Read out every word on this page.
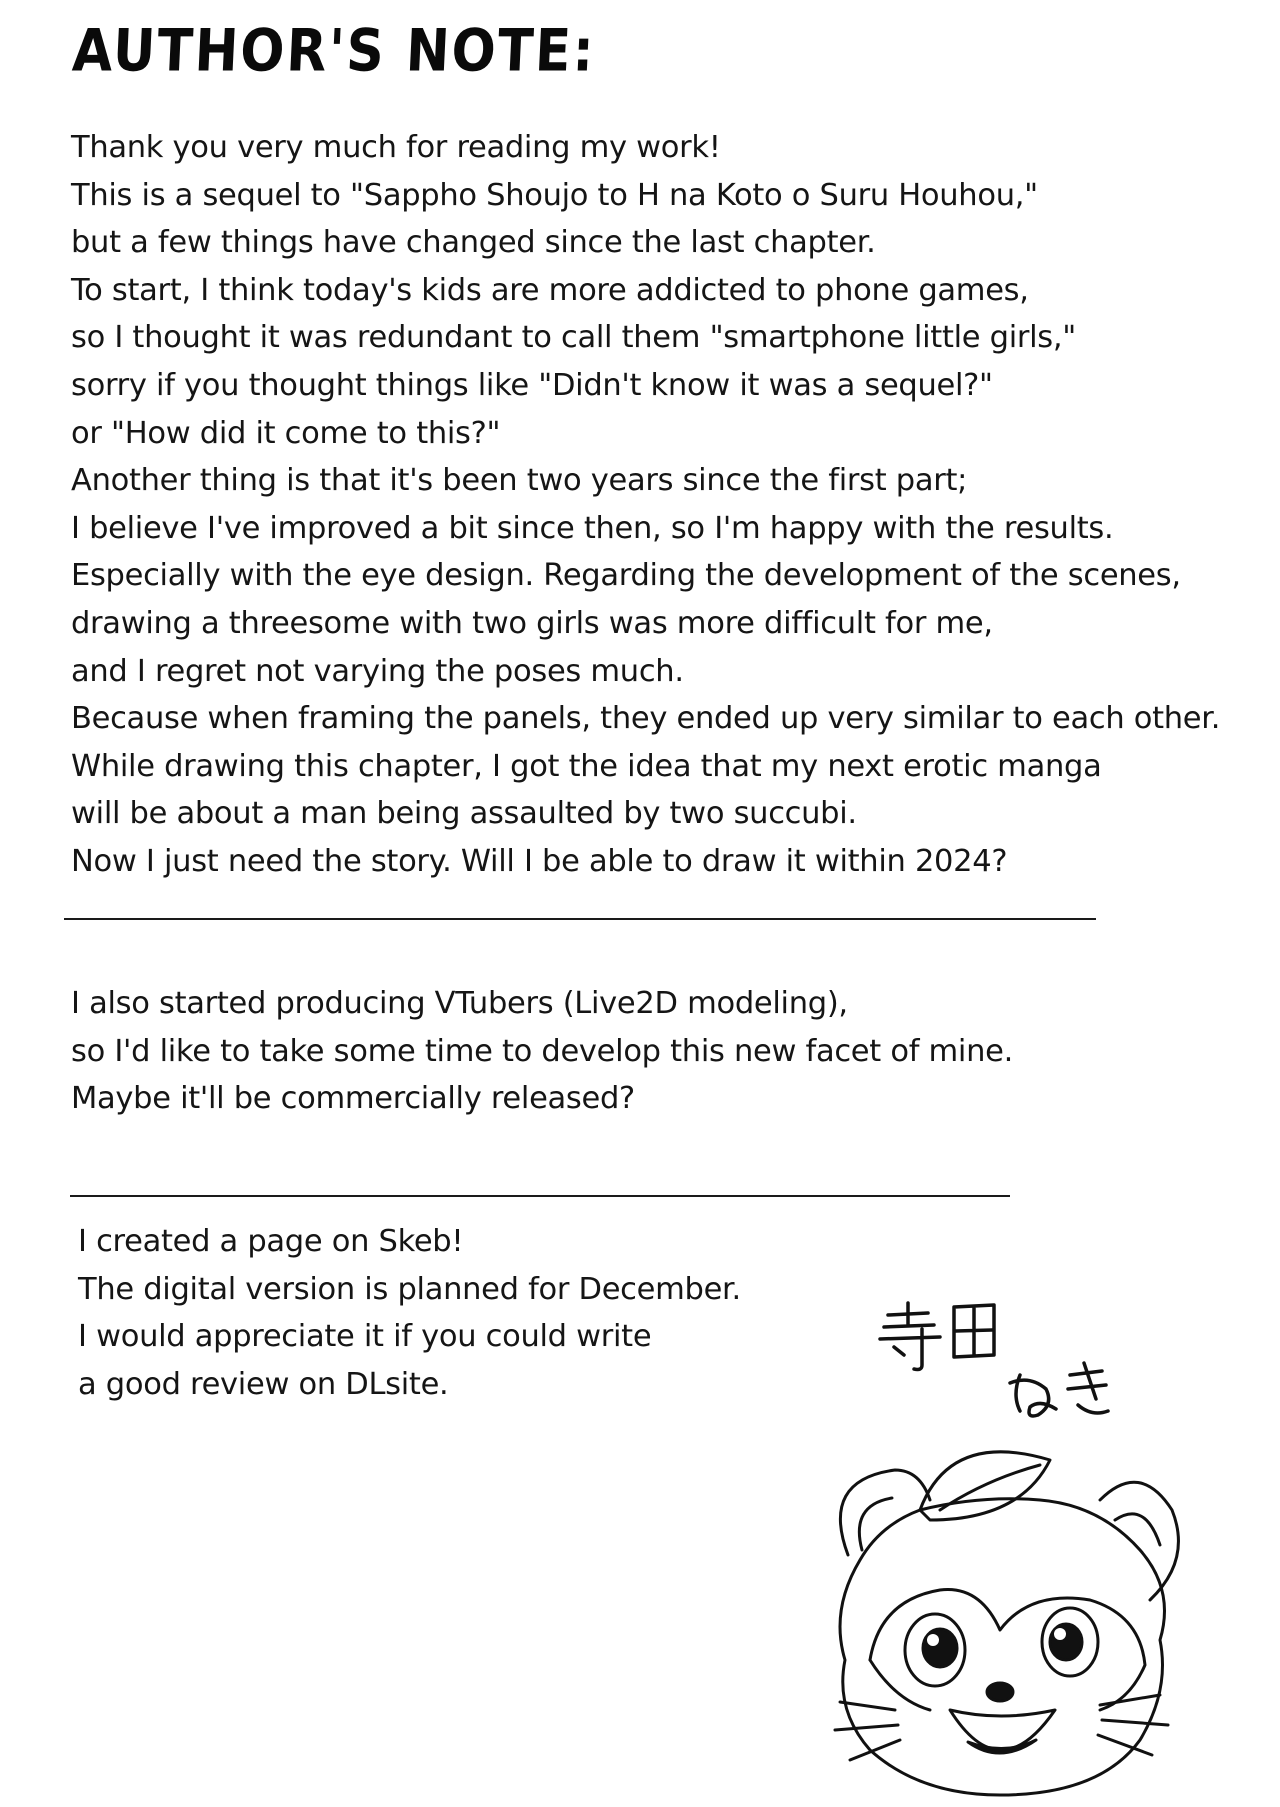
AUTHOR'S NOTE:
Thank you very much for reading my work!
This is a sequel to "Sappho Shoujo to H na Koto o Suru Houhou,"
but a few things have changed since the last chapter.
To start, I think today's kids are more addicted to phone games,
so I thought it was redundant to call them "smartphone little girls,"
sorry if you thought things like "Didn't know it was a sequel?"
or "How did it come to this?"
Another thing is that it's been two years since the first part;
I believe I've improved a bit since then, so I'm happy with the results.
Especially with the eye design. Regarding the development of the scenes,
drawing a threesome with two girls was more difficult for me,
and I regret not varying the poses much.
Because when framing the panels, they ended up very similar to each other.
While drawing this chapter, I got the idea that my next erotic manga
will be about a man being assaulted by two succubi.
Now I just need the story. Will I be able to draw it within 2024?
I also started producing VTubers (Live2D modeling),
so I'd like to take some time to develop this new facet of mine.
Maybe it'll be commercially released?
I created a page on Skeb!
The digital version is planned for December.
I would appreciate it if you could write
a good review on DLsite.
